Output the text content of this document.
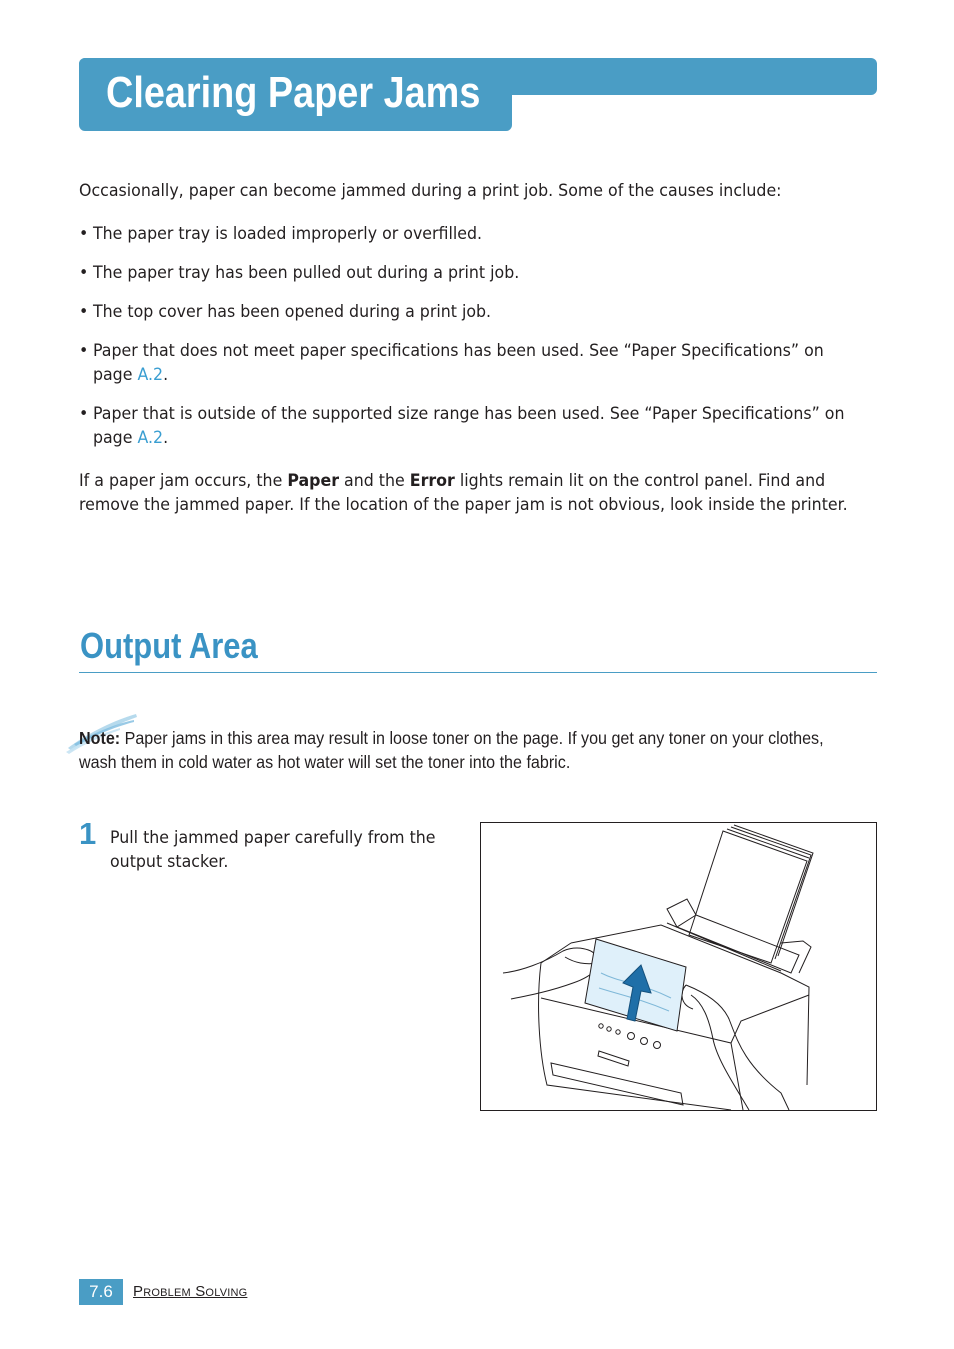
Clearing Paper Jams

Occasionally, paper can become jammed during a print job. Some of the causes include:

• The paper tray is loaded improperly or overfilled.
• The paper tray has been pulled out during a print job.
• The top cover has been opened during a print job.
• Paper that does not meet paper specifications has been used. See “Paper Specifications” on page A.2.
• Paper that is outside of the supported size range has been used. See “Paper Specifications” on page A.2.

If a paper jam occurs, the Paper and the Error lights remain lit on the control panel. Find and remove the jammed paper. If the location of the paper jam is not obvious, look inside the printer.

Output Area

Note: Paper jams in this area may result in loose toner on the page. If you get any toner on your clothes, wash them in cold water as hot water will set the toner into the fabric.

1 Pull the jammed paper carefully from the output stacker.

7.6	Problem Solving
